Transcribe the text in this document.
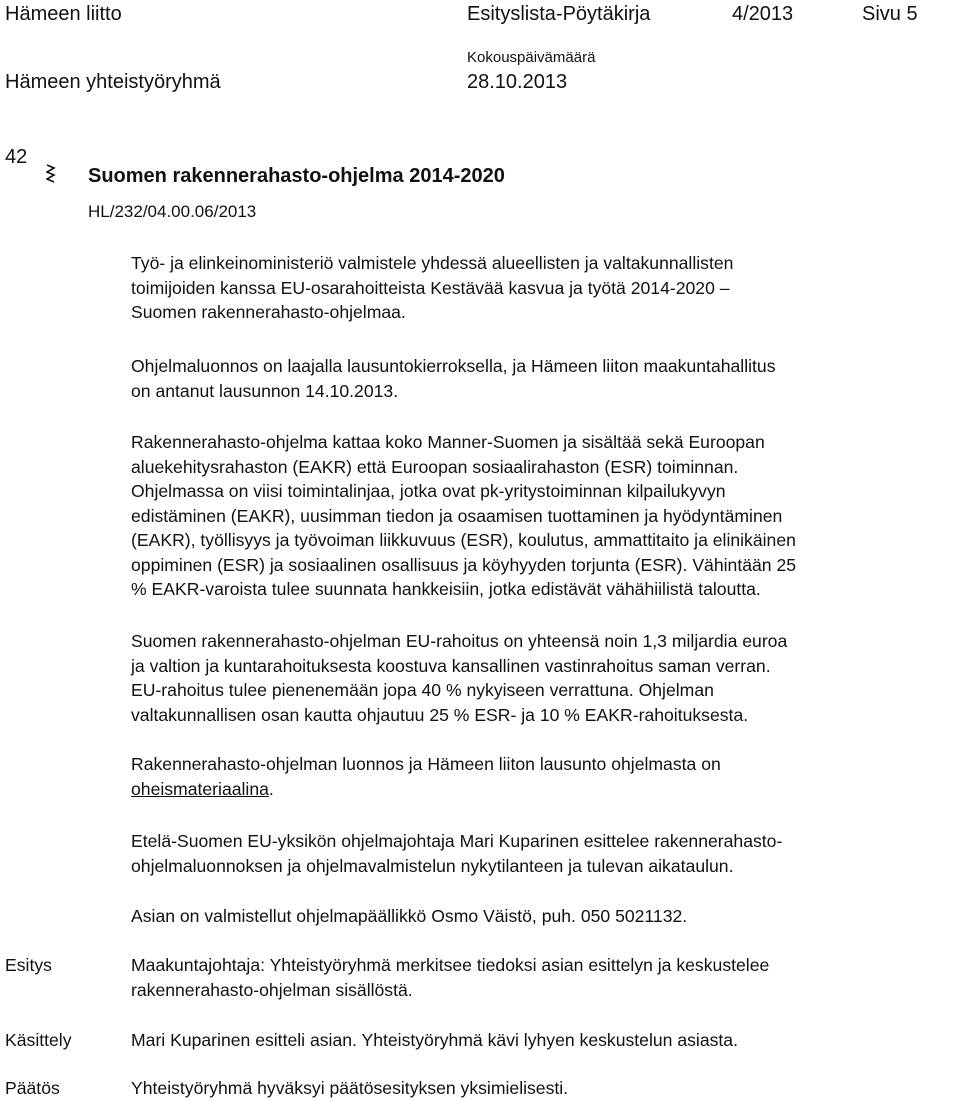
Hämeen liitto	Esityslista-Pöytäkirja	4/2013	Sivu 5
Kokouspäivämäärä
Hämeen yhteistyöryhmä	28.10.2013
42
Suomen rakennerahasto-ohjelma 2014-2020
HL/232/04.00.06/2013
Työ- ja elinkeinoministeriö valmistele yhdessä alueellisten ja valtakunnallisten
toimijoiden kanssa EU-osarahoitteista Kestävää kasvua ja työtä 2014-2020 –
Suomen rakennerahasto-ohjelmaa.
Ohjelmaluonnos on laajalla lausuntokierroksella, ja Hämeen liiton maakuntahallitus
on antanut lausunnon 14.10.2013.
Rakennerahasto-ohjelma kattaa koko Manner-Suomen ja sisältää sekä Euroopan
aluekehitysrahaston (EAKR) että Euroopan sosiaalirahaston (ESR) toiminnan.
Ohjelmassa on viisi toimintalinjaa, jotka ovat pk-yritystoiminnan kilpailukyvyn
edistäminen (EAKR), uusimman tiedon ja osaamisen tuottaminen ja hyödyntäminen
(EAKR), työllisyys ja työvoiman liikkuvuus (ESR), koulutus, ammattitaito ja elinikäinen
oppiminen (ESR) ja sosiaalinen osallisuus ja köyhyyden torjunta (ESR). Vähintään 25
% EAKR-varoista tulee suunnata hankkeisiin, jotka edistävät vähähiilistä taloutta.
Suomen rakennerahasto-ohjelman EU-rahoitus on yhteensä noin 1,3 miljardia euroa
ja valtion ja kuntarahoituksesta koostuva kansallinen vastinrahoitus saman verran.
EU-rahoitus tulee pienenemään jopa 40 % nykyiseen verrattuna. Ohjelman
valtakunnallisen osan kautta ohjautuu 25 % ESR- ja 10 % EAKR-rahoituksesta.
Rakennerahasto-ohjelman luonnos ja Hämeen liiton lausunto ohjelmasta on
oheismateriaalina.
Etelä-Suomen EU-yksikön ohjelmajohtaja Mari Kuparinen esittelee rakennerahasto-
ohjelmaluonnoksen ja ohjelmavalmistelun nykytilanteen ja tulevan aikataulun.
Asian on valmistellut ohjelmapäällikkö Osmo Väistö, puh. 050 5021132.
Esitys	Maakuntajohtaja: Yhteistyöryhmä merkitsee tiedoksi asian esittelyn ja keskustelee
rakennerahasto-ohjelman sisällöstä.
Käsittely	Mari Kuparinen esitteli asian. Yhteistyöryhmä kävi lyhyen keskustelun asiasta.
Päätös	Yhteistyöryhmä hyväksyi päätösesityksen yksimielisesti.
